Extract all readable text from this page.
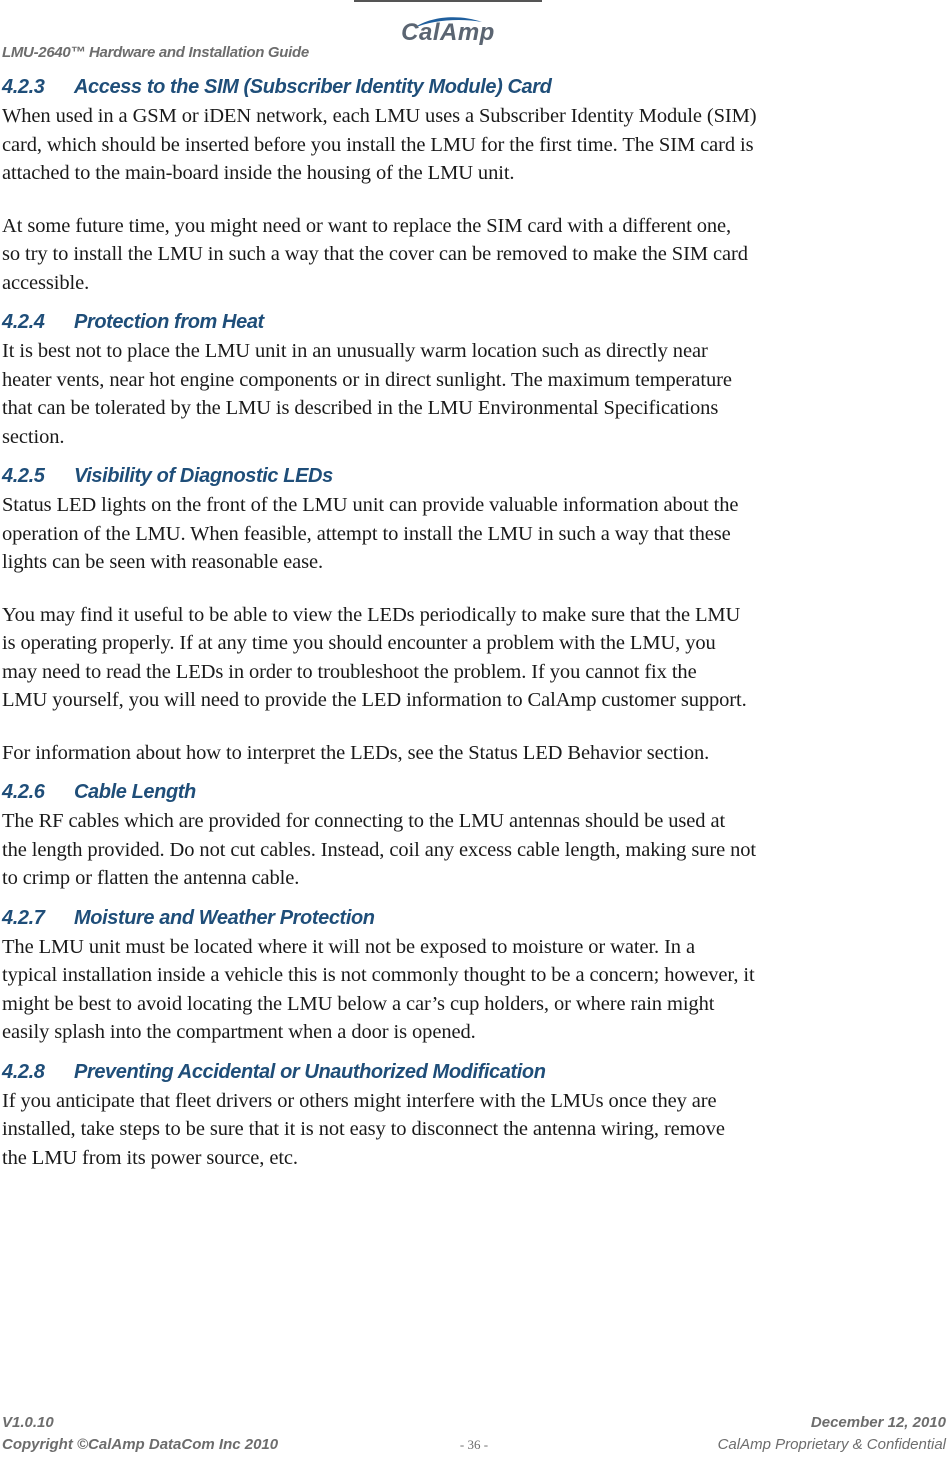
LMU-2640™ Hardware and Installation Guide
CalAmp
4.2.3 Access to the SIM (Subscriber Identity Module) Card

When used in a GSM or iDEN network, each LMU uses a Subscriber Identity Module (SIM)
card, which should be inserted before you install the LMU for the first time. The SIM card is
attached to the main-board inside the housing of the LMU unit.

At some future time, you might need or want to replace the SIM card with a different one,
so try to install the LMU in such a way that the cover can be removed to make the SIM card
accessible.

4.2.4 Protection from Heat

It is best not to place the LMU unit in an unusually warm location such as directly near
heater vents, near hot engine components or in direct sunlight. The maximum temperature
that can be tolerated by the LMU is described in the LMU Environmental Specifications
section.

4.2.5 Visibility of Diagnostic LEDs

Status LED lights on the front of the LMU unit can provide valuable information about the
operation of the LMU. When feasible, attempt to install the LMU in such a way that these
lights can be seen with reasonable ease.

You may find it useful to be able to view the LEDs periodically to make sure that the LMU
is operating properly. If at any time you should encounter a problem with the LMU, you
may need to read the LEDs in order to troubleshoot the problem. If you cannot fix the
LMU yourself, you will need to provide the LED information to CalAmp customer support.

For information about how to interpret the LEDs, see the Status LED Behavior section.

4.2.6 Cable Length

The RF cables which are provided for connecting to the LMU antennas should be used at
the length provided. Do not cut cables. Instead, coil any excess cable length, making sure not
to crimp or flatten the antenna cable.

4.2.7 Moisture and Weather Protection

The LMU unit must be located where it will not be exposed to moisture or water. In a
typical installation inside a vehicle this is not commonly thought to be a concern; however, it
might be best to avoid locating the LMU below a car’s cup holders, or where rain might
easily splash into the compartment when a door is opened.

4.2.8 Preventing Accidental or Unauthorized Modification

If you anticipate that fleet drivers or others might interfere with the LMUs once they are
installed, take steps to be sure that it is not easy to disconnect the antenna wiring, remove
the LMU from its power source, etc.

V1.0.10
Copyright ©CalAmp DataCom Inc 2010	- 36 -
December 12, 2010
CalAmp Proprietary & Confidential
